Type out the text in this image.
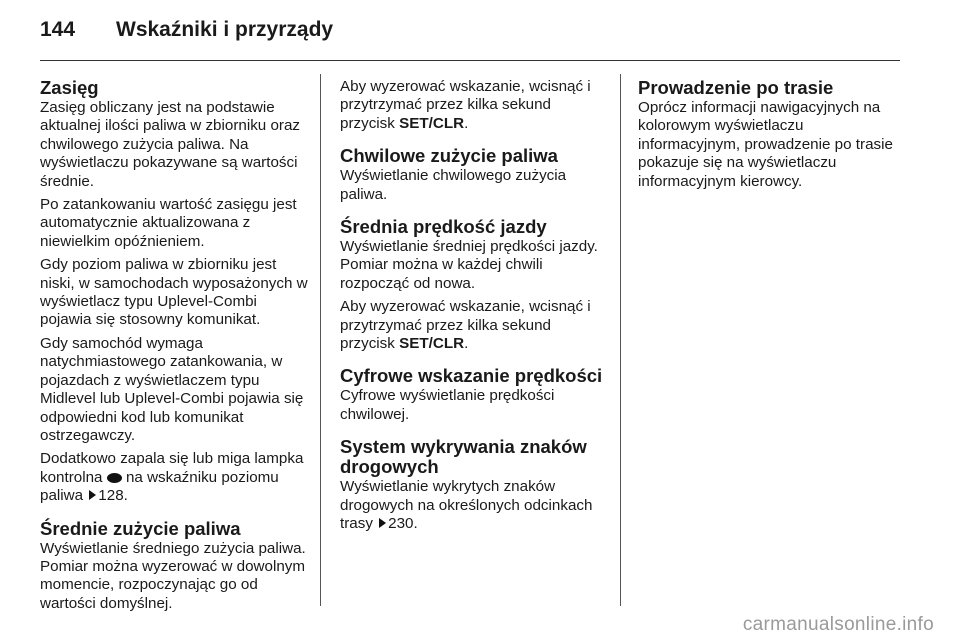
144 Wskaźniki i przyrządy
Zasięg

Zasięg obliczany jest na podstawie aktualnej ilości paliwa w zbiorniku oraz chwilowego zużycia paliwa. Na wyświetlaczu pokazywane są wartości średnie.

Po zatankowaniu wartość zasięgu jest automatycznie aktualizowana z niewielkim opóźnieniem.

Gdy poziom paliwa w zbiorniku jest niski, w samochodach wyposażonych w wyświetlacz typu Uplevel-Combi pojawia się stosowny komunikat.

Gdy samochód wymaga natychmiastowego zatankowania, w pojazdach z wyświetlaczem typu Midlevel lub Uplevel-Combi pojawia się odpowiedni kod lub komunikat ostrzegawczy.

Dodatkowo zapala się lub miga lampka kontrolna na wskaźniku poziomu paliwa 128.

Średnie zużycie paliwa

Wyświetlanie średniego zużycia paliwa. Pomiar można wyzerować w dowolnym momencie, rozpoczynając go od wartości domyślnej.

Aby wyzerować wskazanie, wcisnąć i przytrzymać przez kilka sekund przycisk SET/CLR.

Chwilowe zużycie paliwa

Wyświetlanie chwilowego zużycia paliwa.

Średnia prędkość jazdy

Wyświetlanie średniej prędkości jazdy. Pomiar można w każdej chwili rozpocząć od nowa.

Aby wyzerować wskazanie, wcisnąć i przytrzymać przez kilka sekund przycisk SET/CLR.

Cyfrowe wskazanie prędkości

Cyfrowe wyświetlanie prędkości chwilowej.

System wykrywania znaków drogowych

Wyświetlanie wykrytych znaków drogowych na określonych odcinkach trasy 230.

Prowadzenie po trasie

Oprócz informacji nawigacyjnych na kolorowym wyświetlaczu informacyjnym, prowadzenie po trasie pokazuje się na wyświetlaczu informacyjnym kierowcy.

carmanualsonline.info
